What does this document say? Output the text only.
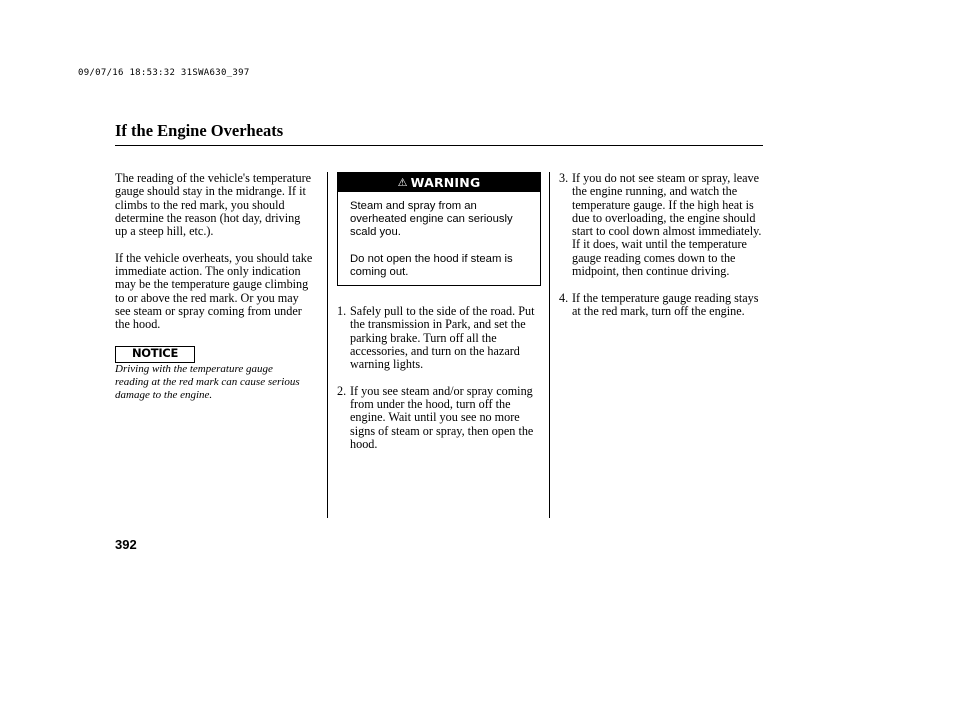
09/07/16 18:53:32 31SWA630_397
If the Engine Overheats

The reading of the vehicle's temperature gauge should stay in the midrange. If it climbs to the red mark, you should determine the reason (hot day, driving up a steep hill, etc.).

If the vehicle overheats, you should take immediate action. The only indication may be the temperature gauge climbing to or above the red mark. Or you may see steam or spray coming from under the hood.

NOTICE

Driving with the temperature gauge reading at the red mark can cause serious damage to the engine.

⚠ WARNING

Steam and spray from an overheated engine can seriously scald you.

Do not open the hood if steam is coming out.

1. Safely pull to the side of the road. Put the transmission in Park, and set the parking brake. Turn off all the accessories, and turn on the hazard warning lights.

2. If you see steam and/or spray coming from under the hood, turn off the engine. Wait until you see no more signs of steam or spray, then open the hood.

3. If you do not see steam or spray, leave the engine running, and watch the temperature gauge. If the high heat is due to overloading, the engine should start to cool down almost immediately. If it does, wait until the temperature gauge reading comes down to the midpoint, then continue driving.

4. If the temperature gauge reading stays at the red mark, turn off the engine.

392
